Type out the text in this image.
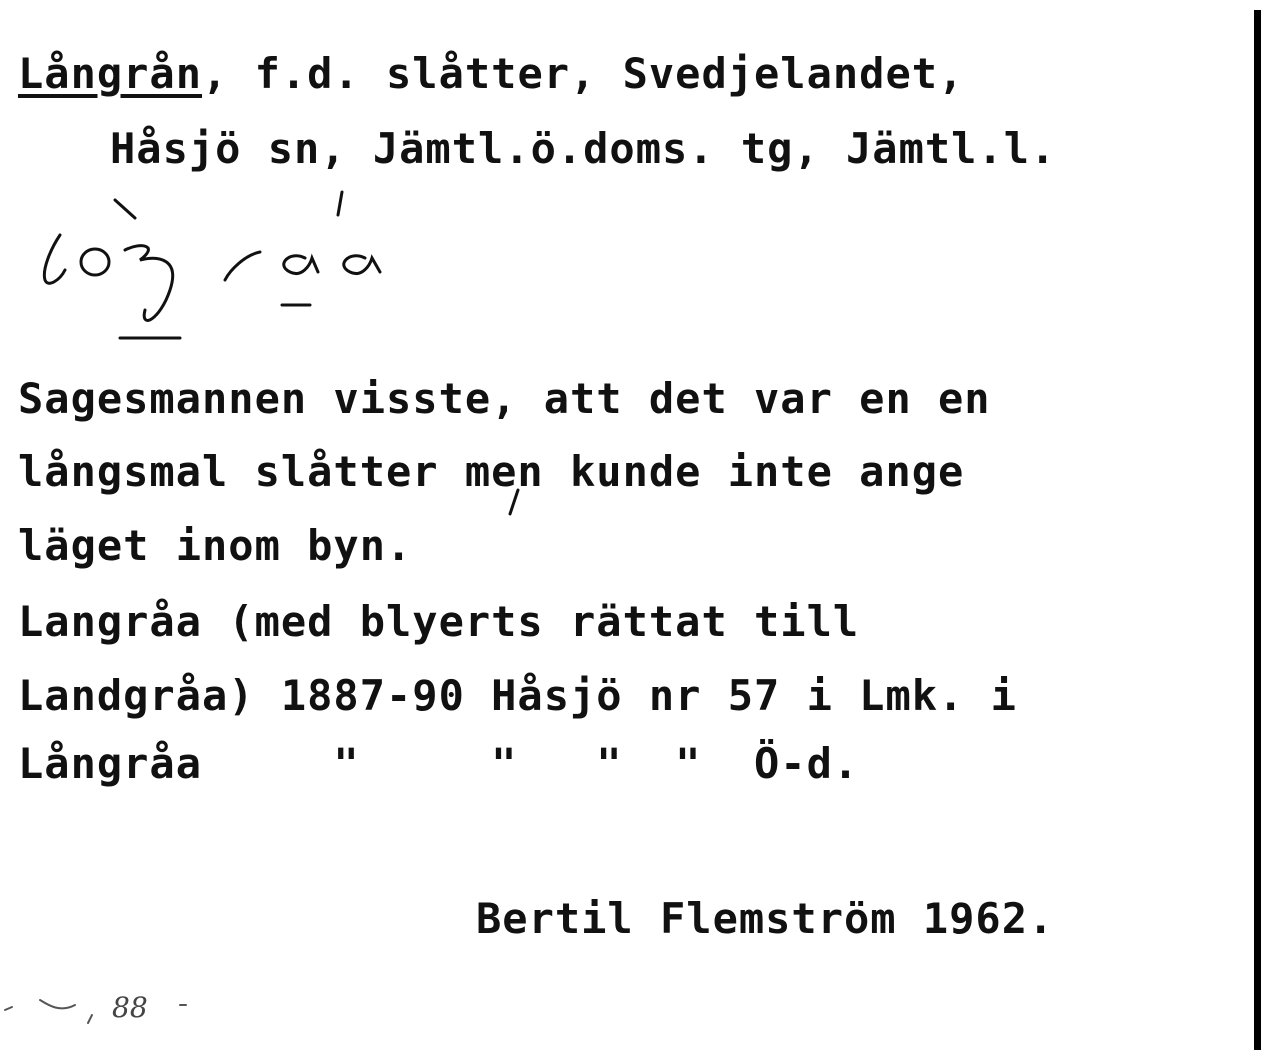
Långrån, f.d. slåtter, Svedjelandet,
Håsjö sn, Jämtl.ö.doms. tg, Jämtl.l.
lòŋrá̱a̱
Sagesmannen visste, att det var en en
långsmal slåtter men kunde inte ange
läget inom byn.
Langråa (med blyerts rättat till
Landgråa) 1887-90 Håsjö nr 57 i Lmk. i
Långråa     "     "   "  "  Ö-d.
Bertil Flemström 1962.
88
